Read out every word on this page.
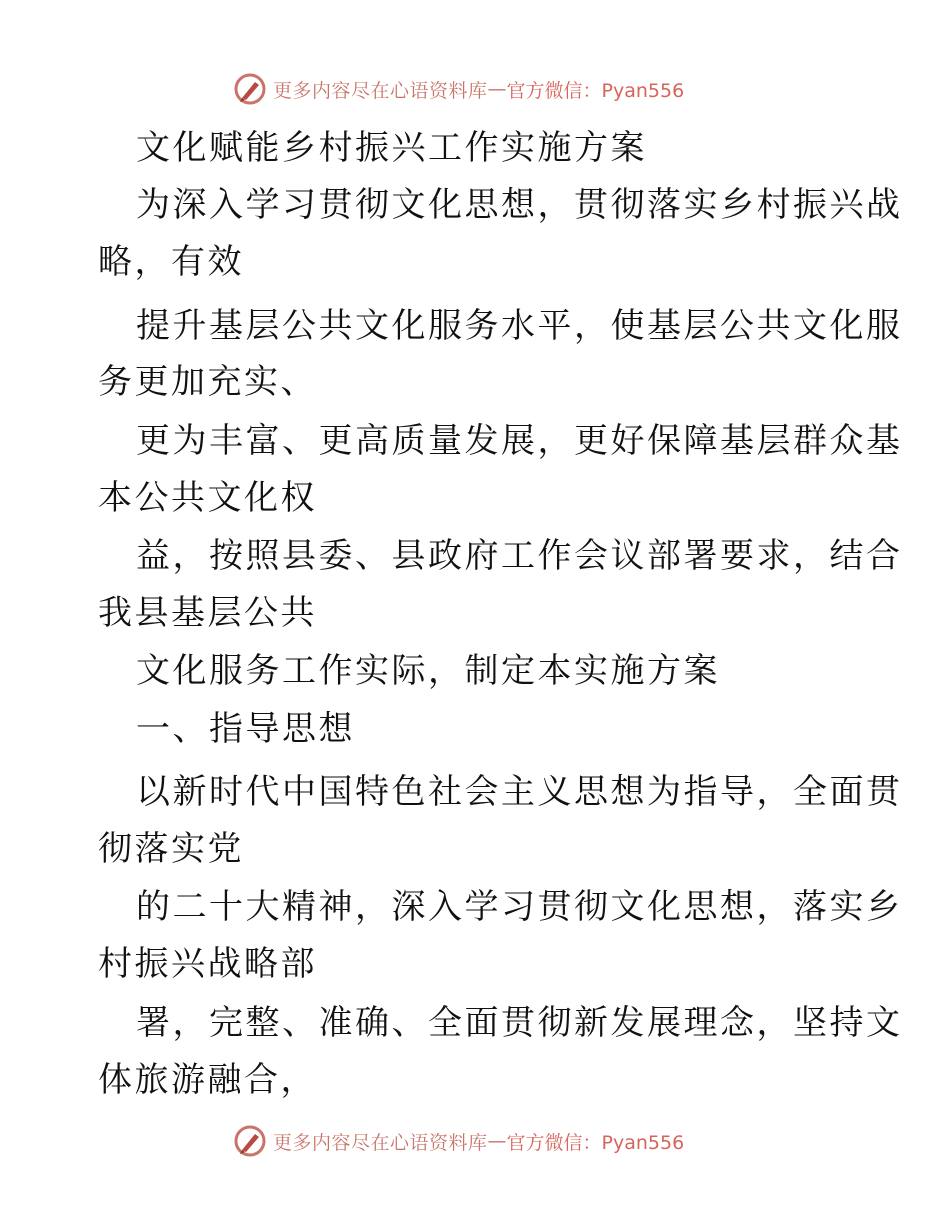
更多内容尽在心语资料库 — 官方微信：Pyan556
文化赋能乡村振兴工作实施方案
为深入学习贯彻文化思想，贯彻落实乡村振兴战
略，有效
提升基层公共文化服务水平，使基层公共文化服
务更加充实、
更为丰富、更高质量发展，更好保障基层群众基
本公共文化权
益，按照县委、县政府工作会议部署要求，结合
我县基层公共
文化服务工作实际，制定本实施方案
一、指导思想
以新时代中国特色社会主义思想为指导，全面贯
彻落实党
的二十大精神，深入学习贯彻文化思想，落实乡
村振兴战略部
署，完整、准确、全面贯彻新发展理念，坚持文
体旅游融合，
更多内容尽在心语资料库 — 官方微信：Pyan556
